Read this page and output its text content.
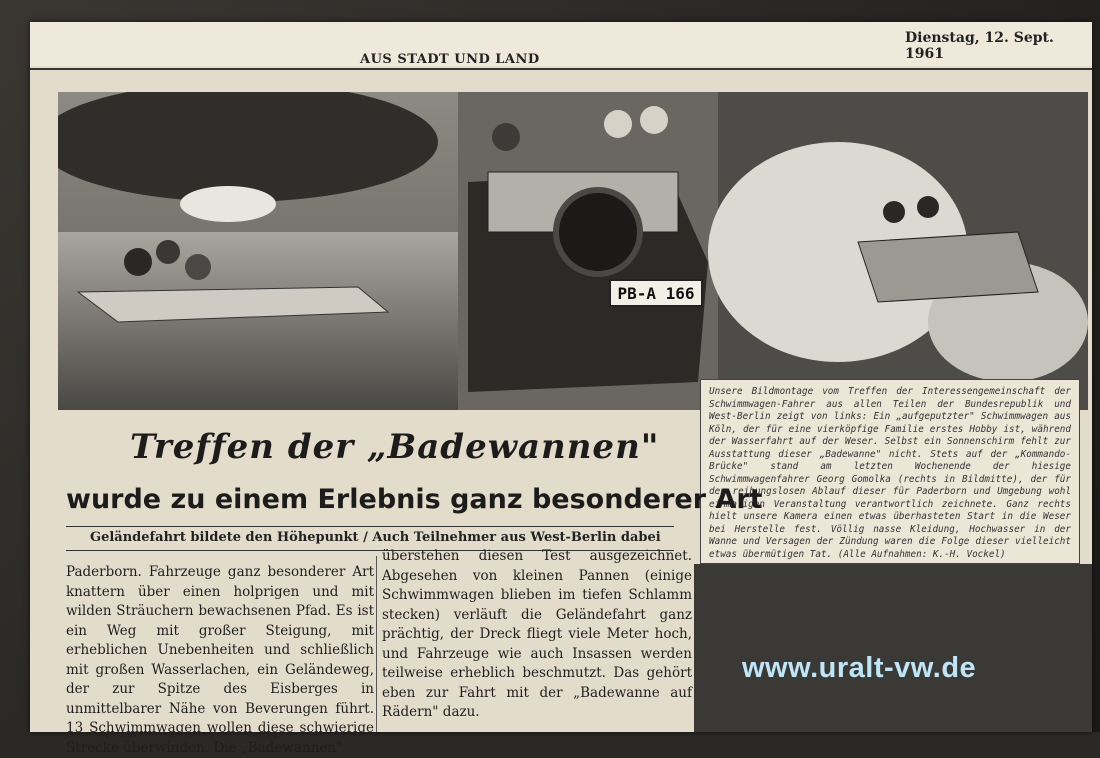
AUS STADT UND LAND
Dienstag, 12. Sept. 1961
PB-A 166
Unsere Bildmontage vom Treffen der Interessengemeinschaft der Schwimmwagen-Fahrer aus allen Teilen der Bundesrepublik und West-Berlin zeigt von links: Ein „aufgeputzter" Schwimmwagen aus Köln, der für eine vierköpfige Familie erstes Hobby ist, während der Wasserfahrt auf der Weser. Selbst ein Sonnenschirm fehlt zur Ausstattung dieser „Badewanne" nicht. Stets auf der „Kommando-Brücke" stand am letzten Wochenende der hiesige Schwimmwagenfahrer Georg Gomolka (rechts in Bildmitte), der für den reibungslosen Ablauf dieser für Paderborn und Umgebung wohl einmaligen Veranstaltung verantwortlich zeichnete. Ganz rechts hielt unsere Kamera einen etwas überhasteten Start in die Weser bei Herstelle fest. Völlig nasse Kleidung, Hochwasser in der Wanne und Versagen der Zündung waren die Folge dieser vielleicht etwas übermütigen Tat. (Alle Aufnahmen: K.-H. Vockel)
Treffen der „Badewannen"
wurde zu einem Erlebnis ganz besonderer Art
Geländefahrt bildete den Höhepunkt / Auch Teilnehmer aus West-Berlin dabei
Paderborn. Fahrzeuge ganz besonderer Art knattern über einen holprigen und mit wilden Sträuchern bewachsenen Pfad. Es ist ein Weg mit großer Steigung, mit erheblichen Unebenheiten und schließlich mit großen Wasserlachen, ein Geländeweg, der zur Spitze des Eisberges in unmittelbarer Nähe von Beverungen führt. 13 Schwimmwagen wollen diese schwierige Strecke überwinden. Die „Badewannen"
überstehen diesen Test ausgezeichnet. Abgesehen von kleinen Pannen (einige Schwimmwagen blieben im tiefen Schlamm stecken) verläuft die Geländefahrt ganz prächtig, der Dreck fliegt viele Meter hoch, und Fahrzeuge wie auch Insassen werden teilweise erheblich beschmutzt. Das gehört eben zur Fahrt mit der „Badewanne auf Rädern" dazu.
www.uralt-vw.de
